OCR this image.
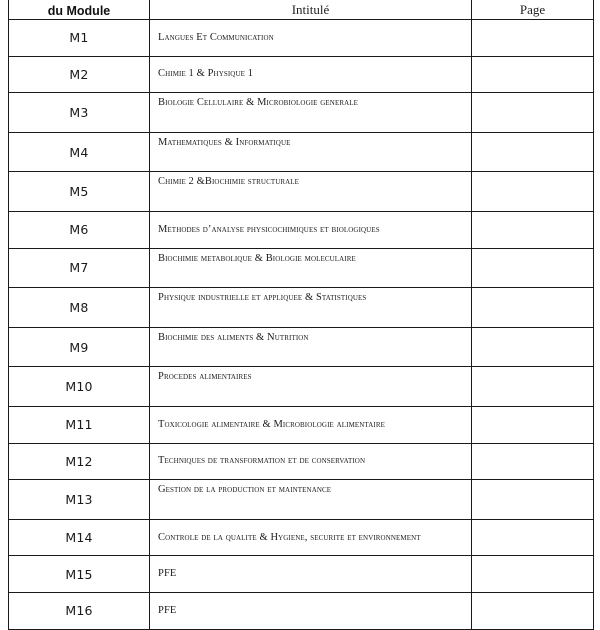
du Module	Intitulé	Page
M1	Langues Et Communication	
M2	Chimie 1 & Physique 1	
M3	Biologie Cellulaire & Microbiologie generale	
M4	Mathematiques & Informatique	
M5	Chimie 2 &Biochimie structurale	
M6	Methodes d’analyse physicochimiques et biologiques	
M7	Biochimie metabolique & Biologie moleculaire	
M8	Physique industrielle et appliquee & Statistiques	
M9	Biochimie des aliments & Nutrition	
M10	Procedes alimentaires	
M11	Toxicologie alimentaire & Microbiologie alimentaire	
M12	Techniques de transformation et de conservation	
M13	Gestion de la production et maintenance	
M14	Controle de la qualite & Hygiene, securite et environnement	
M15	PFE	
M16	PFE	
